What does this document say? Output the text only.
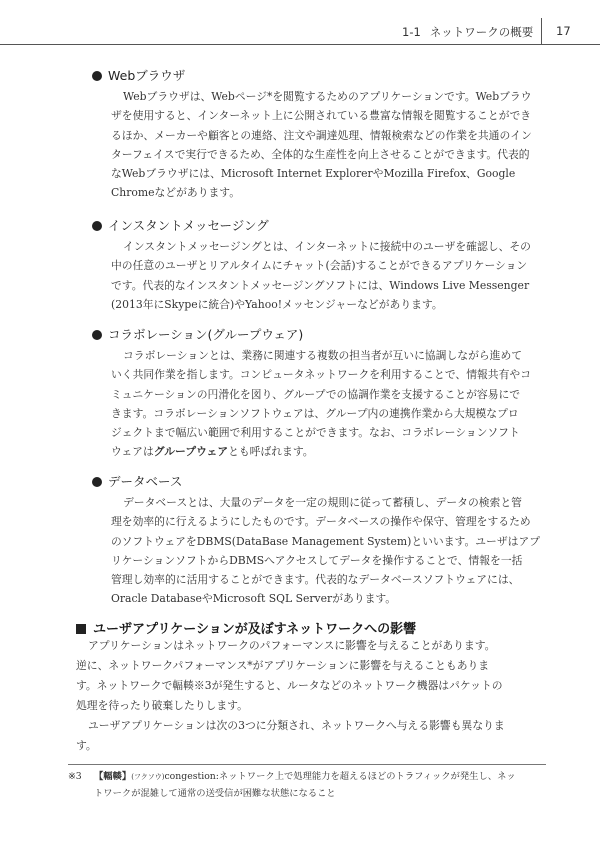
1-1 ネットワークの概要 17
Webブラウザ
Webブラウザは、Webページ*を閲覧するためのアプリケーションです。Webブラウ
ザを使用すると、インターネット上に公開されている豊富な情報を閲覧することができ
るほか、メーカーや顧客との連絡、注文や調達処理、情報検索などの作業を共通のイン
ターフェイスで実行できるため、全体的な生産性を向上させることができます。代表的
なWebブラウザには、Microsoft Internet ExplorerやMozilla Firefox、Google
Chromeなどがあります。
インスタントメッセージング
インスタントメッセージングとは、インターネットに接続中のユーザを確認し、その
中の任意のユーザとリアルタイムにチャット(会話)することができるアプリケーション
です。代表的なインスタントメッセージングソフトには、Windows Live Messenger
(2013年にSkypeに統合)やYahoo!メッセンジャーなどがあります。
コラボレーション(グループウェア)
コラボレーションとは、業務に関連する複数の担当者が互いに協調しながら進めて
いく共同作業を指します。コンピュータネットワークを利用することで、情報共有やコ
ミュニケーションの円滑化を図り、グループでの協調作業を支援することが容易にで
きます。コラボレーションソフトウェアは、グループ内の連携作業から大規模なプロ
ジェクトまで幅広い範囲で利用することができます。なお、コラボレーションソフト
ウェアはグループウェアとも呼ばれます。
データベース
データベースとは、大量のデータを一定の規則に従って蓄積し、データの検索と管
理を効率的に行えるようにしたものです。データベースの操作や保守、管理をするため
のソフトウェアをDBMS(DataBase Management System)といいます。ユーザはアプ
リケーションソフトからDBMSへアクセスしてデータを操作することで、情報を一括
管理し効率的に活用することができます。代表的なデータベースソフトウェアには、
Oracle DatabaseやMicrosoft SQL Serverがあります。
ユーザアプリケーションが及ぼすネットワークへの影響
アプリケーションはネットワークのパフォーマンスに影響を与えることがあります。
逆に、ネットワークパフォーマンス*がアプリケーションに影響を与えることもありま
す。ネットワークで輻輳※3が発生すると、ルータなどのネットワーク機器はパケットの
処理を待ったり破棄したりします。
ユーザアプリケーションは次の3つに分類され、ネットワークへ与える影響も異なりま
す。
※3 【輻輳】(フクソウ)congestion:ネットワーク上で処理能力を超えるほどのトラフィックが発生し、ネッ
トワークが混雑して通常の送受信が困難な状態になること
